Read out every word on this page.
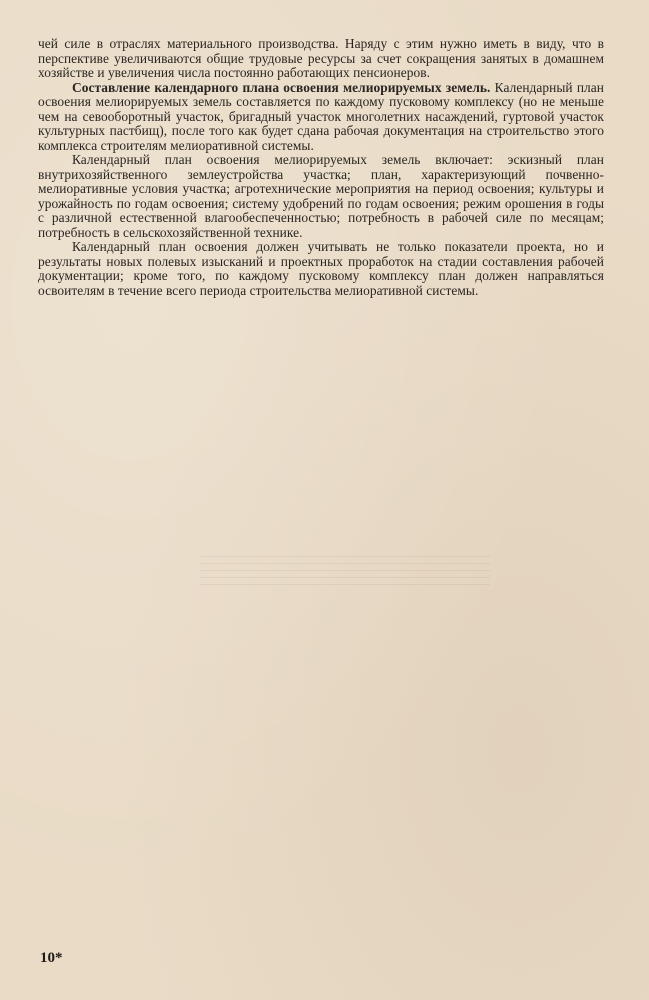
чей силе в отраслях материального производства. Наряду с этим нужно иметь в виду, что в перспективе увеличиваются общие трудовые ресурсы за счет сокращения занятых в домашнем хозяйстве и увеличения числа постоянно работающих пенсионеров.

Составление календарного плана освоения мелиорируемых земель. Календарный план освоения мелиорируемых земель составляется по каждому пусковому комплексу (но не меньше чем на севооборотный участок, бригадный участок многолетних насаждений, гуртовой участок культурных пастбищ), после того как будет сдана рабочая документация на строительство этого комплекса строителям мелиоративной системы.

Календарный план освоения мелиорируемых земель включает: эскизный план внутрихозяйственного землеустройства участка; план, характеризующий почвенно-мелиоративные условия участка; агротехнические мероприятия на период освоения; культуры и урожайность по годам освоения; систему удобрений по годам освоения; режим орошения в годы с различной естественной влагообеспеченностью; потребность в рабочей силе по месяцам; потребность в сельскохозяйственной технике.

Календарный план освоения должен учитывать не только показатели проекта, но и результаты новых полевых изысканий и проектных проработок на стадии составления рабочей документации; кроме того, по каждому пусковому комплексу план должен направляться освоителям в течение всего периода строительства мелиоративной системы.

10*
